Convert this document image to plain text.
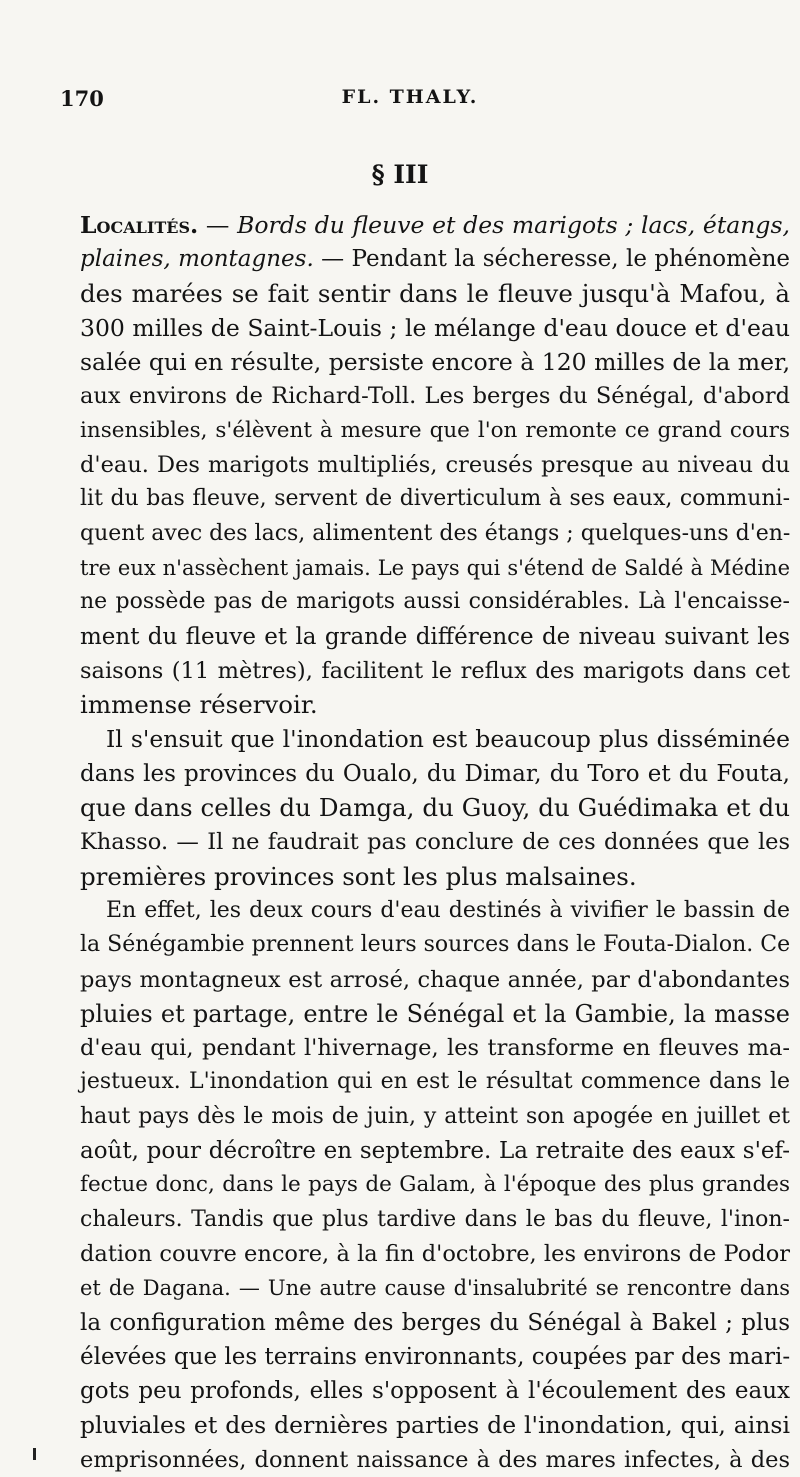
170	FL. THALY.
§ III
Localités. — Bords du fleuve et des marigots ; lacs, étangs,
plaines, montagnes. — Pendant la sécheresse, le phénomène
des marées se fait sentir dans le fleuve jusqu'à Mafou, à
300 milles de Saint-Louis ; le mélange d'eau douce et d'eau
salée qui en résulte, persiste encore à 120 milles de la mer,
aux environs de Richard-Toll. Les berges du Sénégal, d'abord
insensibles, s'élèvent à mesure que l'on remonte ce grand cours
d'eau. Des marigots multipliés, creusés presque au niveau du
lit du bas fleuve, servent de diverticulum à ses eaux, communi-
quent avec des lacs, alimentent des étangs ; quelques-uns d'en-
tre eux n'assèchent jamais. Le pays qui s'étend de Saldé à Médine
ne possède pas de marigots aussi considérables. Là l'encaisse-
ment du fleuve et la grande différence de niveau suivant les
saisons (11 mètres), facilitent le reflux des marigots dans cet
immense réservoir.
Il s'ensuit que l'inondation est beaucoup plus disséminée
dans les provinces du Oualo, du Dimar, du Toro et du Fouta,
que dans celles du Damga, du Guoy, du Guédimaka et du
Khasso. — Il ne faudrait pas conclure de ces données que les
premières provinces sont les plus malsaines.
En effet, les deux cours d'eau destinés à vivifier le bassin de
la Sénégambie prennent leurs sources dans le Fouta-Dialon. Ce
pays montagneux est arrosé, chaque année, par d'abondantes
pluies et partage, entre le Sénégal et la Gambie, la masse
d'eau qui, pendant l'hivernage, les transforme en fleuves ma-
jestueux. L'inondation qui en est le résultat commence dans le
haut pays dès le mois de juin, y atteint son apogée en juillet et
août, pour décroître en septembre. La retraite des eaux s'ef-
fectue donc, dans le pays de Galam, à l'époque des plus grandes
chaleurs. Tandis que plus tardive dans le bas du fleuve, l'inon-
dation couvre encore, à la fin d'octobre, les environs de Podor
et de Dagana. — Une autre cause d'insalubrité se rencontre dans
la configuration même des berges du Sénégal à Bakel ; plus
élevées que les terrains environnants, coupées par des mari-
gots peu profonds, elles s'opposent à l'écoulement des eaux
pluviales et des dernières parties de l'inondation, qui, ainsi
emprisonnées, donnent naissance à des mares infectes, à des
